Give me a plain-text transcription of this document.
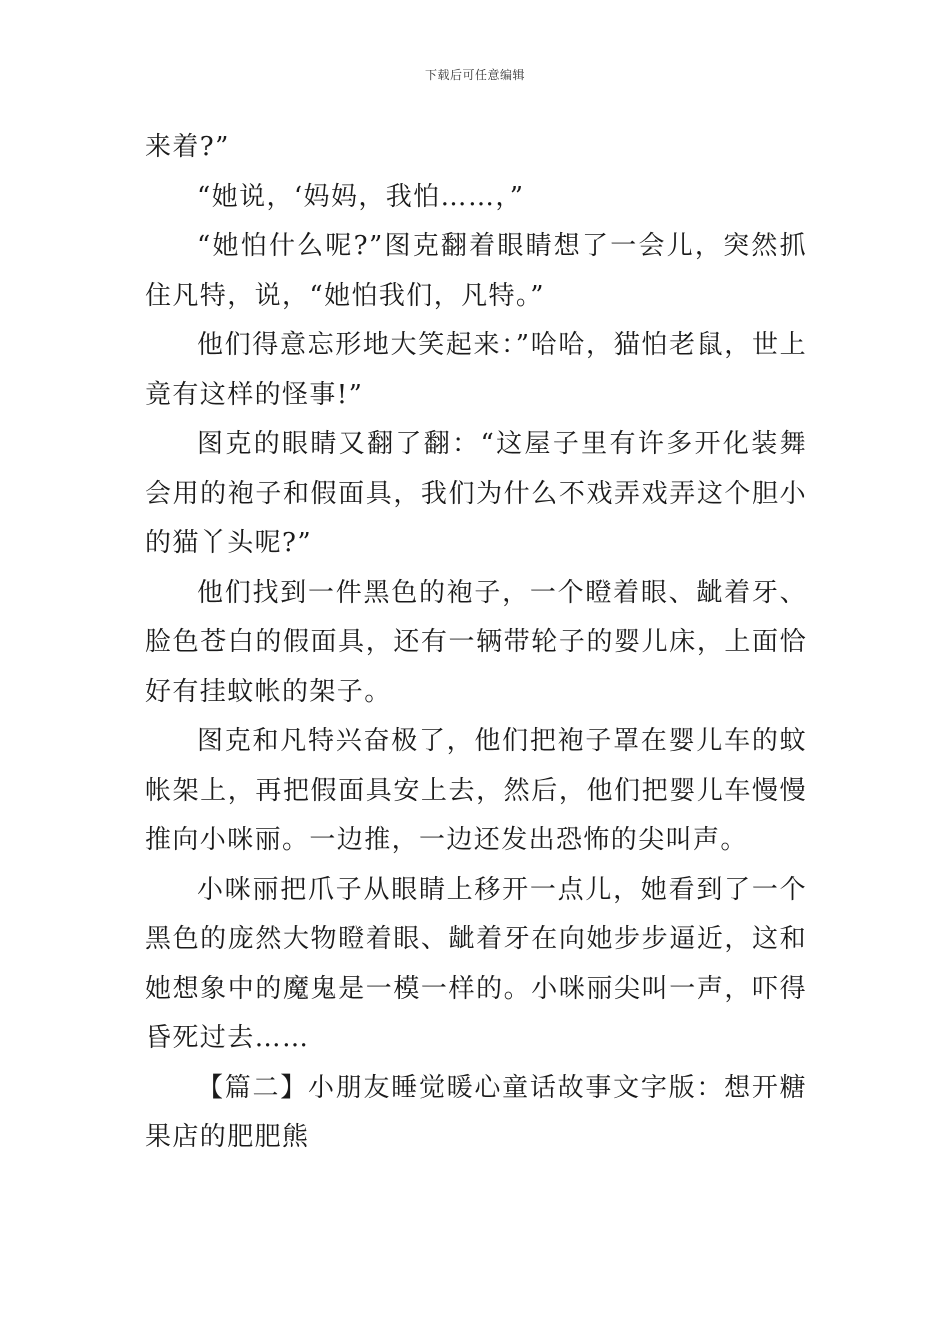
下载后可任意编辑

来着?”

“她说，‘妈妈，我怕……，”

“她怕什么呢?”图克翻着眼睛想了一会儿，突然抓住凡特，说，“她怕我们，凡特。”

他们得意忘形地大笑起来：”哈哈，猫怕老鼠，世上竟有这样的怪事!”

图克的眼睛又翻了翻：“这屋子里有许多开化装舞会用的袍子和假面具，我们为什么不戏弄戏弄这个胆小的猫丫头呢?”

他们找到一件黑色的袍子，一个瞪着眼、龇着牙、脸色苍白的假面具，还有一辆带轮子的婴儿床，上面恰好有挂蚊帐的架子。

图克和凡特兴奋极了，他们把袍子罩在婴儿车的蚊帐架上，再把假面具安上去，然后，他们把婴儿车慢慢推向小咪丽。一边推，一边还发出恐怖的尖叫声。

小咪丽把爪子从眼睛上移开一点儿，她看到了一个黑色的庞然大物瞪着眼、龇着牙在向她步步逼近，这和她想象中的魔鬼是一模一样的。小咪丽尖叫一声，吓得昏死过去……

【篇二】小朋友睡觉暖心童话故事文字版：想开糖果店的肥肥熊
